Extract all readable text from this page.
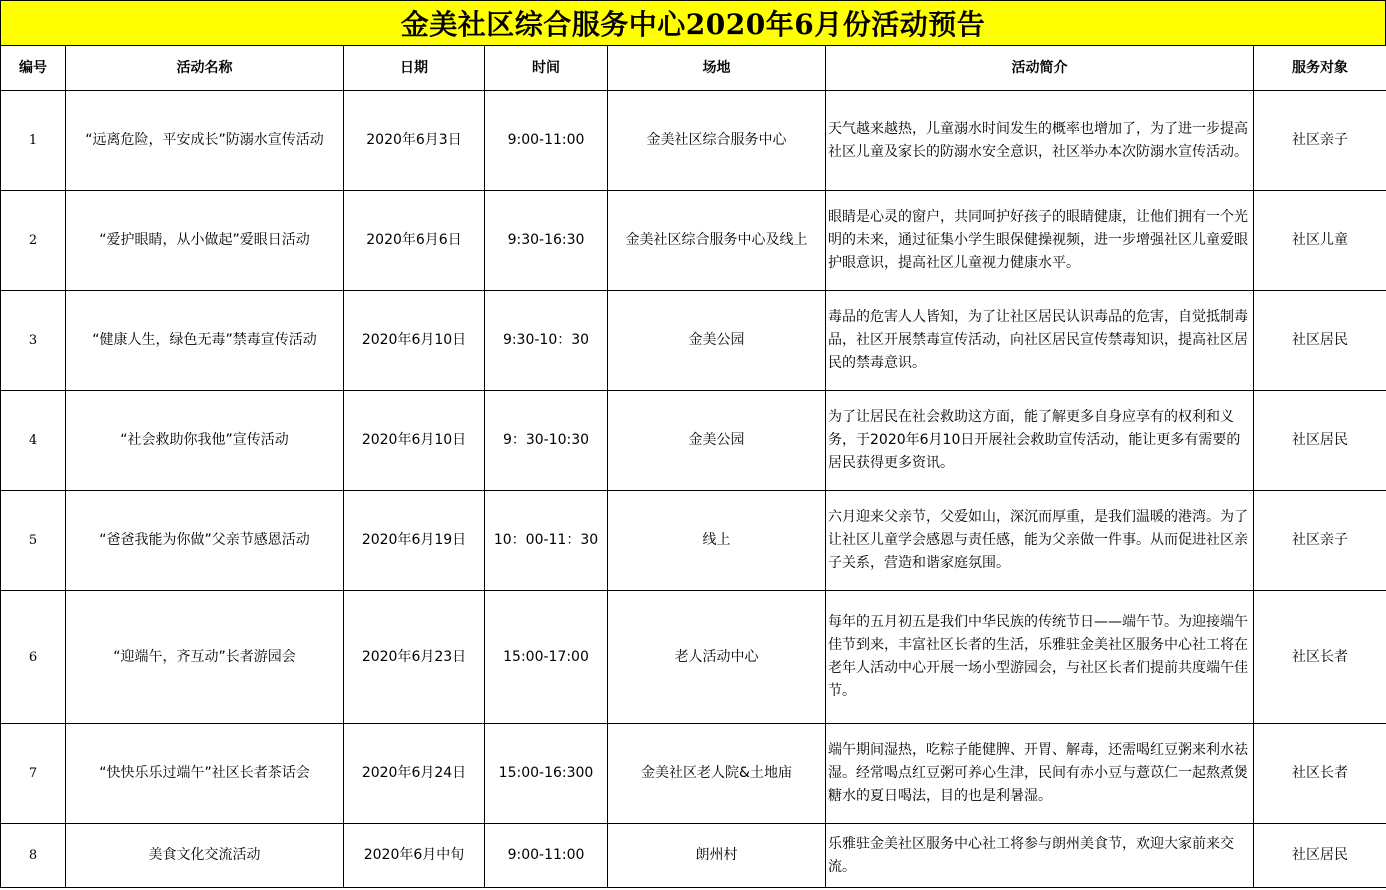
金美社区综合服务中心2020年6月份活动预告
编号	活动名称	日期	时间	场地	活动简介	服务对象
1	“远离危险，平安成长”防溺水宣传活动	2020年6月3日	9:00-11:00	金美社区综合服务中心	天气越来越热，儿童溺水时间发生的概率也增加了，为了进一步提高社区儿童及家长的防溺水安全意识，社区举办本次防溺水宣传活动。	社区亲子
2	“爱护眼睛，从小做起”爱眼日活动	2020年6月6日	9:30-16:30	金美社区综合服务中心及线上	眼睛是心灵的窗户，共同呵护好孩子的眼睛健康，让他们拥有一个光明的未来，通过征集小学生眼保健操视频，进一步增强社区儿童爱眼护眼意识，提高社区儿童视力健康水平。	社区儿童
3	“健康人生，绿色无毒”禁毒宣传活动	2020年6月10日	9:30-10：30	金美公园	毒品的危害人人皆知，为了让社区居民认识毒品的危害，自觉抵制毒品，社区开展禁毒宣传活动，向社区居民宣传禁毒知识，提高社区居民的禁毒意识。	社区居民
4	“社会救助你我他”宣传活动	2020年6月10日	9：30-10:30	金美公园	为了让居民在社会救助这方面，能了解更多自身应享有的权利和义务，于2020年6月10日开展社会救助宣传活动，能让更多有需要的居民获得更多资讯。	社区居民
5	“爸爸我能为你做”父亲节感恩活动	2020年6月19日	10：00-11：30	线上	六月迎来父亲节，父爱如山，深沉而厚重，是我们温暖的港湾。为了让社区儿童学会感恩与责任感，能为父亲做一件事。从而促进社区亲子关系，营造和谐家庭氛围。	社区亲子
6	“迎端午，齐互动”长者游园会	2020年6月23日	15:00-17:00	老人活动中心	每年的五月初五是我们中华民族的传统节日——端午节。为迎接端午佳节到来，丰富社区长者的生活，乐雅驻金美社区服务中心社工将在老年人活动中心开展一场小型游园会，与社区长者们提前共度端午佳节。	社区长者
7	“快快乐乐过端午”社区长者茶话会	2020年6月24日	15:00-16:300	金美社区老人院&土地庙	端午期间湿热，吃粽子能健脾、开胃、解毒，还需喝红豆粥来利水祛湿。经常喝点红豆粥可养心生津，民间有赤小豆与薏苡仁一起熬煮煲糖水的夏日喝法，目的也是利暑湿。	社区长者
8	美食文化交流活动	2020年6月中旬	9:00-11:00	朗州村	乐雅驻金美社区服务中心社工将参与朗州美食节，欢迎大家前来交流。	社区居民
